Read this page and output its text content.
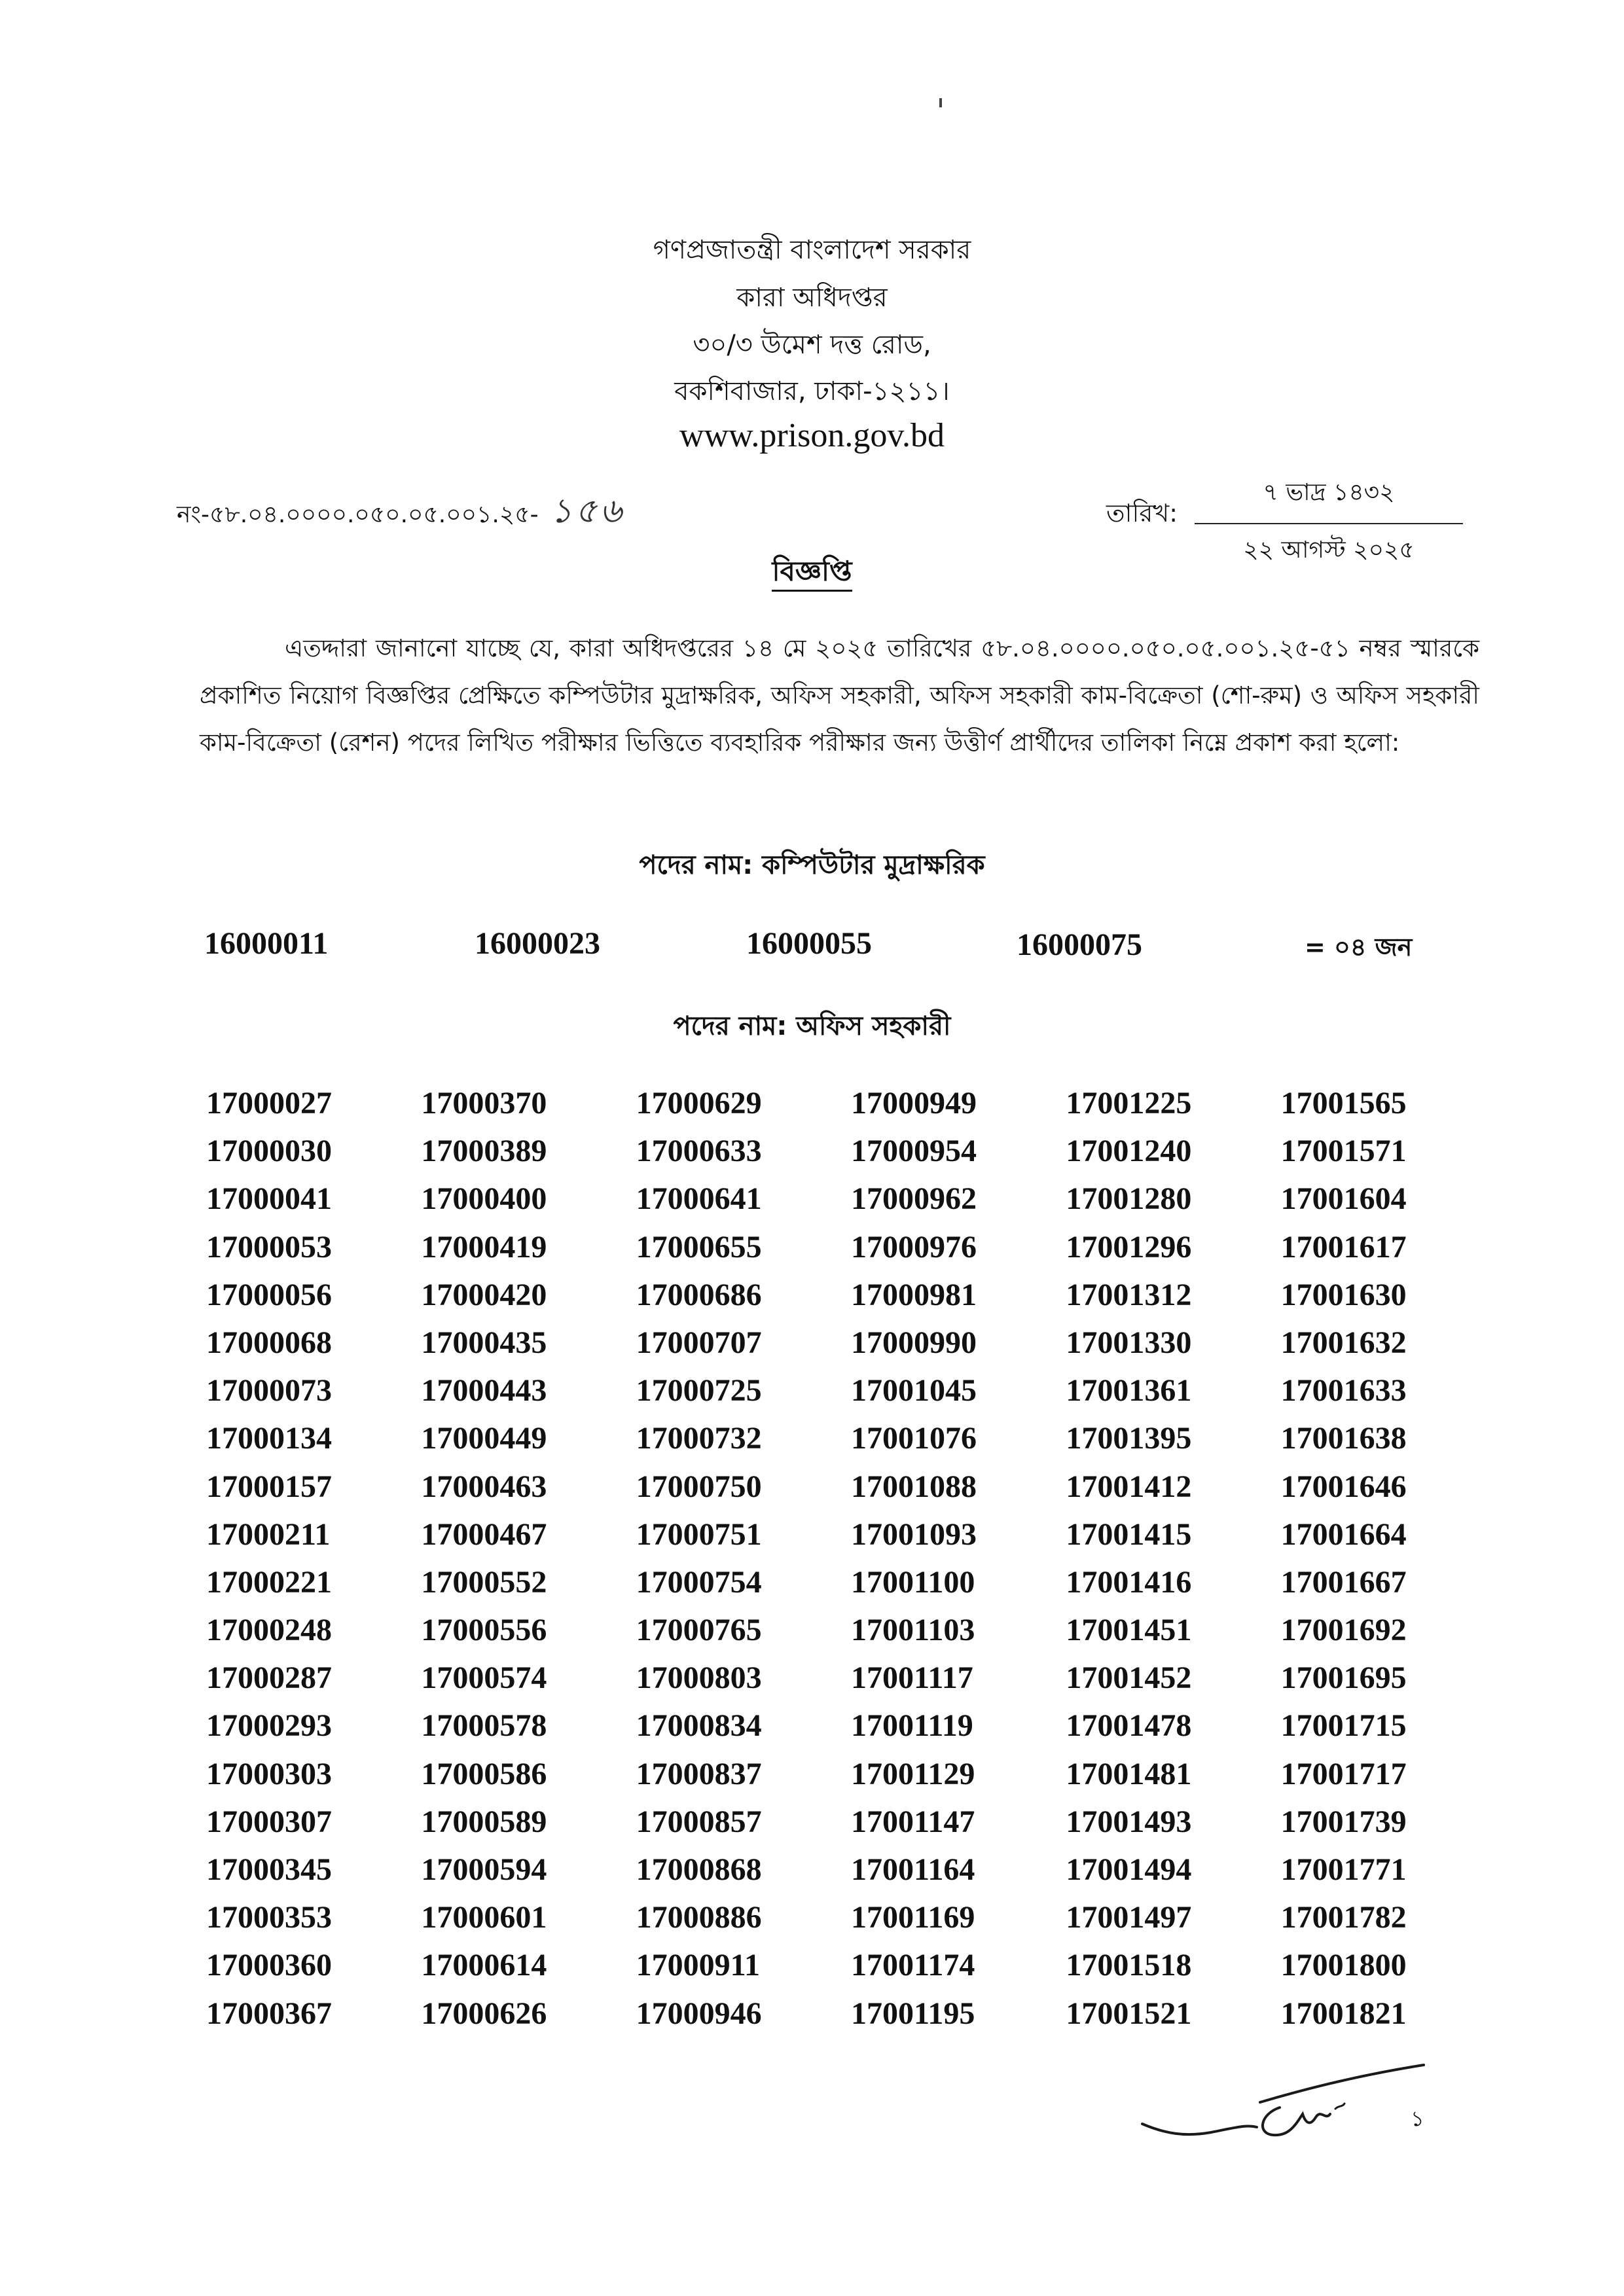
গণপ্রজাতন্ত্রী বাংলাদেশ সরকার
কারা অধিদপ্তর
৩০/৩ উমেশ দত্ত রোড,
বকশিবাজার, ঢাকা-১২১১।
www.prison.gov.bd
নং-৫৮.০৪.০০০০.০৫০.০৫.০০১.২৫- ১৫৬	তারিখ:
৭ ভাদ্র ১৪৩২
২২ আগস্ট ২০২৫
বিজ্ঞপ্তি
এতদ্দারা জানানো যাচ্ছে যে, কারা অধিদপ্তরের ১৪ মে ২০২৫ তারিখের ৫৮.০৪.০০০০.০৫০.০৫.০০১.২৫-৫১ নম্বর স্মারকে প্রকাশিত নিয়োগ বিজ্ঞপ্তির প্রেক্ষিতে কম্পিউটার মুদ্রাক্ষরিক, অফিস সহকারী, অফিস সহকারী কাম-বিক্রেতা (শো-রুম) ও অফিস সহকারী কাম-বিক্রেতা (রেশন) পদের লিখিত পরীক্ষার ভিত্তিতে ব্যবহারিক পরীক্ষার জন্য উত্তীর্ণ প্রার্থীদের তালিকা নিম্নে প্রকাশ করা হলো:
পদের নাম: কম্পিউটার মুদ্রাক্ষরিক
16000011	16000023	16000055	16000075	= ০৪ জন
পদের নাম: অফিস সহকারী
17000027	17000370	17000629	17000949	17001225	17001565
17000030	17000389	17000633	17000954	17001240	17001571
17000041	17000400	17000641	17000962	17001280	17001604
17000053	17000419	17000655	17000976	17001296	17001617
17000056	17000420	17000686	17000981	17001312	17001630
17000068	17000435	17000707	17000990	17001330	17001632
17000073	17000443	17000725	17001045	17001361	17001633
17000134	17000449	17000732	17001076	17001395	17001638
17000157	17000463	17000750	17001088	17001412	17001646
17000211	17000467	17000751	17001093	17001415	17001664
17000221	17000552	17000754	17001100	17001416	17001667
17000248	17000556	17000765	17001103	17001451	17001692
17000287	17000574	17000803	17001117	17001452	17001695
17000293	17000578	17000834	17001119	17001478	17001715
17000303	17000586	17000837	17001129	17001481	17001717
17000307	17000589	17000857	17001147	17001493	17001739
17000345	17000594	17000868	17001164	17001494	17001771
17000353	17000601	17000886	17001169	17001497	17001782
17000360	17000614	17000911	17001174	17001518	17001800
17000367	17000626	17000946	17001195	17001521	17001821
১
